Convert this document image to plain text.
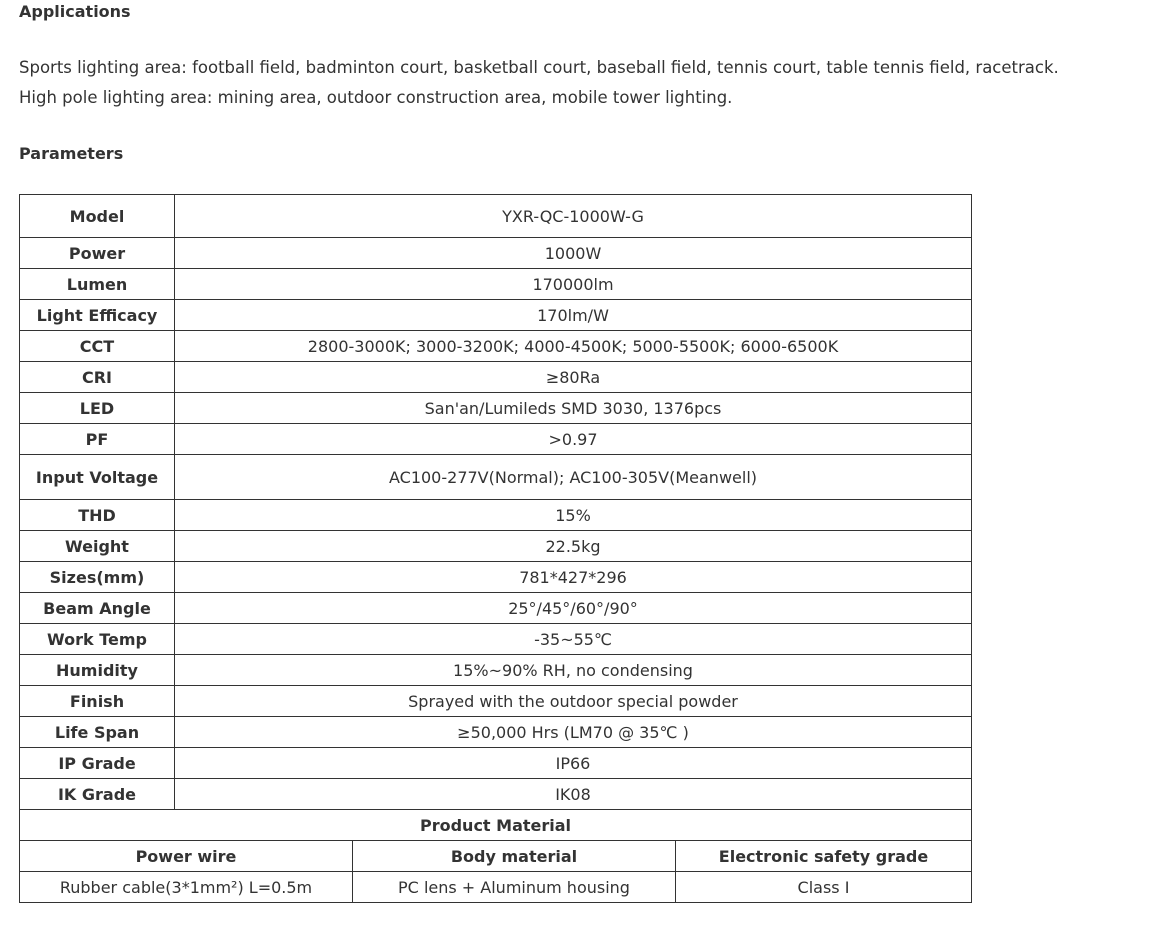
Applications

Sports lighting area: football field, badminton court, basketball court, baseball field, tennis court, table tennis field, racetrack.

High pole lighting area: mining area, outdoor construction area, mobile tower lighting.

Parameters
Model	YXR-QC-1000W-G		
Power	1000W		
Lumen	170000lm		
Light Efficacy	170lm/W		
CCT	2800-3000K; 3000-3200K; 4000-4500K; 5000-5500K; 6000-6500K		
CRI	≥80Ra		
LED	San'an/Lumileds SMD 3030, 1376pcs		
PF	>0.97		
Input Voltage	AC100-277V(Normal); AC100-305V(Meanwell)		
THD	15%		
Weight	22.5kg		
Sizes(mm)	781*427*296		
Beam Angle	25°/45°/60°/90°		
Work Temp	-35~55℃		
Humidity	15%~90% RH, no condensing		
Finish	Sprayed with the outdoor special powder		
Life Span	≥50,000 Hrs (LM70 @ 35℃ )		
IP Grade	IP66		
IK Grade	IK08		
Product Material			
Power wire		Body material	Electronic safety grade
Rubber cable(3*1mm²) L=0.5m		PC lens + Aluminum housing	Class I
